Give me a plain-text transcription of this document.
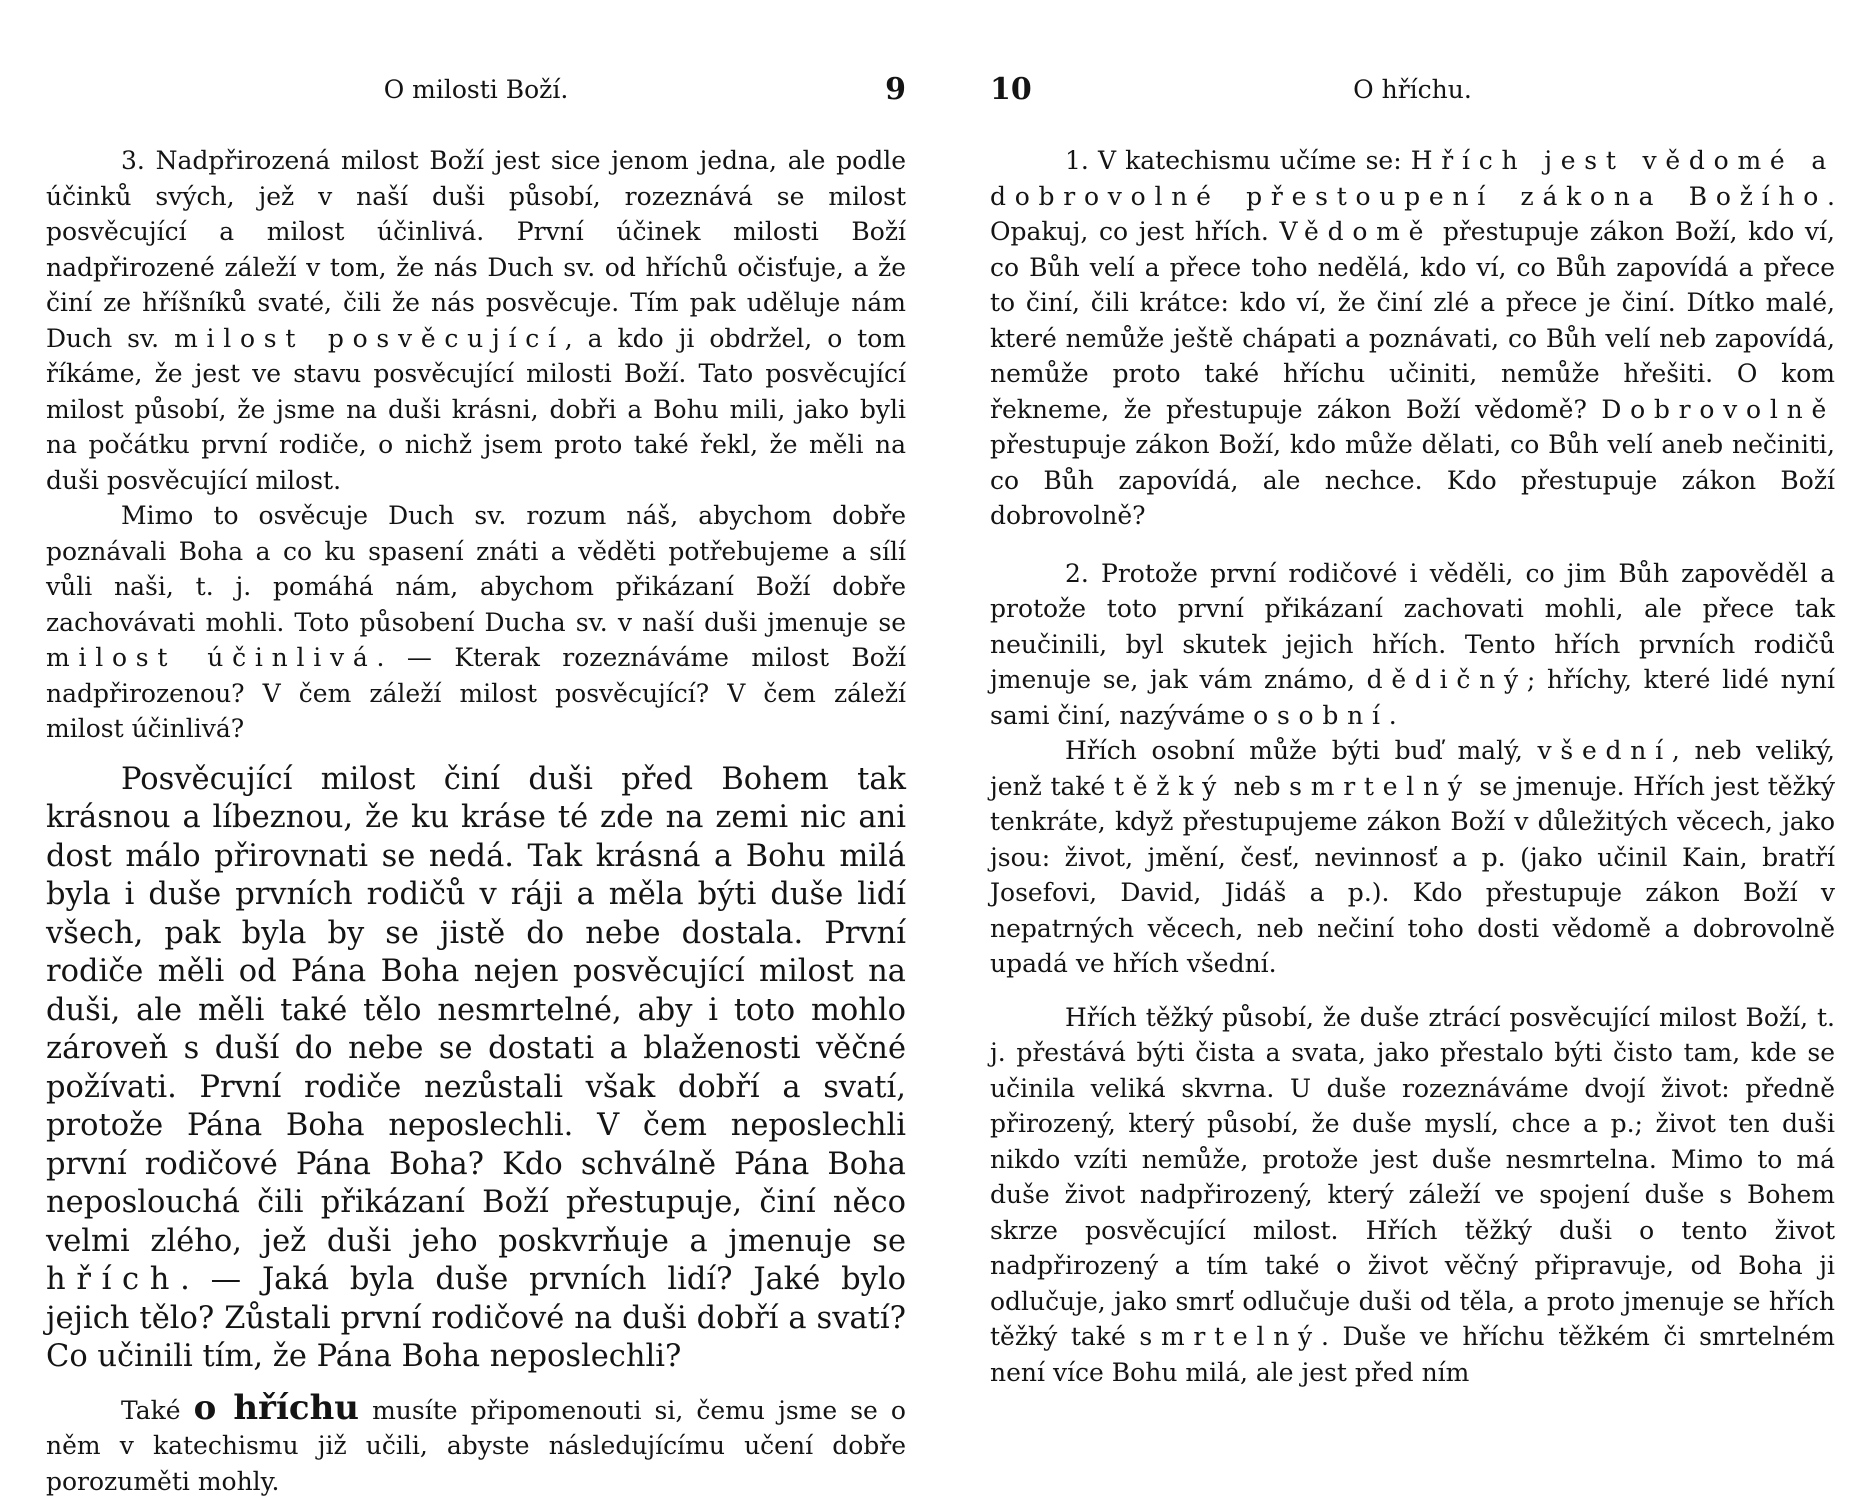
O milosti Boží.	9

3. Nadpřirozená milost Boží jest sice jenom jedna, ale podle účinků svých, jež v naší duši působí, rozeznává se milost posvěcující a milost účinlivá. První účinek milosti Boží nadpřirozené záleží v tom, že nás Duch sv. od hříchů očisťuje, a že činí ze hříšníků svaté, čili že nás posvěcuje. Tím pak uděluje nám Duch sv. milost posvěcující, a kdo ji obdržel, o tom říkáme, že jest ve stavu posvěcující milosti Boží. Tato posvěcující milost působí, že jsme na duši krásni, dobři a Bohu mili, jako byli na počátku první rodiče, o nichž jsem proto také řekl, že měli na duši posvěcující milost.

Mimo to osvěcuje Duch sv. rozum náš, abychom dobře poznávali Boha a co ku spasení znáti a věděti potřebujeme a sílí vůli naši, t. j. pomáhá nám, abychom přikázaní Boží dobře zachovávati mohli. Toto působení Ducha sv. v naší duši jmenuje se milost účinlivá. — Kterak rozeznáváme milost Boží nadpřirozenou? V čem záleží milost posvěcující? V čem záleží milost účinlivá?

Posvěcující milost činí duši před Bohem tak krásnou a líbeznou, že ku kráse té zde na zemi nic ani dost málo přirovnati se nedá. Tak krásná a Bohu milá byla i duše prvních rodičů v ráji a měla býti duše lidí všech, pak byla by se jistě do nebe dostala. První rodiče měli od Pána Boha nejen posvěcující milost na duši, ale měli také tělo nesmrtelné, aby i toto mohlo zároveň s duší do nebe se dostati a blaženosti věčné požívati. První rodiče nezůstali však dobří a svatí, protože Pána Boha neposlechli. V čem neposlechli první rodičové Pána Boha? Kdo schválně Pána Boha neposlouchá čili přikázaní Boží přestupuje, činí něco velmi zlého, jež duši jeho poskvrňuje a jmenuje se hřích. — Jaká byla duše prvních lidí? Jaké bylo jejich tělo? Zůstali první rodičové na duši dobří a svatí? Co učinili tím, že Pána Boha neposlechli?

Také o hříchu musíte připomenouti si, čemu jsme se o něm v katechismu již učili, abyste následujícímu učení dobře porozuměti mohly.

10	O hříchu.

1. V katechismu učíme se: Hřích jest vědomé a dobrovolné přestoupení zákona Božího. Opakuj, co jest hřích. Vědomě přestupuje zákon Boží, kdo ví, co Bůh velí a přece toho nedělá, kdo ví, co Bůh zapovídá a přece to činí, čili krátce: kdo ví, že činí zlé a přece je činí. Dítko malé, které nemůže ještě chápati a poznávati, co Bůh velí neb zapovídá, nemůže proto také hříchu učiniti, nemůže hřešiti. O kom řekneme, že přestupuje zákon Boží vědomě? Dobrovolně přestupuje zákon Boží, kdo může dělati, co Bůh velí aneb nečiniti, co Bůh zapovídá, ale nechce. Kdo přestupuje zákon Boží dobrovolně?

2. Protože první rodičové i věděli, co jim Bůh zapověděl a protože toto první přikázaní zachovati mohli, ale přece tak neučinili, byl skutek jejich hřích. Tento hřích prvních rodičů jmenuje se, jak vám známo, dědičný; hříchy, které lidé nyní sami činí, nazýváme osobní.

Hřích osobní může býti buď malý, všední, neb veliký, jenž také těžký neb smrtelný se jmenuje. Hřích jest těžký tenkráte, když přestupujeme zákon Boží v důležitých věcech, jako jsou: život, jmění, česť, nevinnosť a p. (jako učinil Kain, bratří Josefovi, David, Jidáš a p.). Kdo přestupuje zákon Boží v nepatrných věcech, neb nečiní toho dosti vědomě a dobrovolně upadá ve hřích všední.

Hřích těžký působí, že duše ztrácí posvěcující milost Boží, t. j. přestává býti čista a svata, jako přestalo býti čisto tam, kde se učinila veliká skvrna. U duše rozeznáváme dvojí život: předně přirozený, který působí, že duše myslí, chce a p.; život ten duši nikdo vzíti nemůže, protože jest duše nesmrtelna. Mimo to má duše život nadpřirozený, který záleží ve spojení duše s Bohem skrze posvěcující milost. Hřích těžký duši o tento život nadpřirozený a tím také o život věčný připravuje, od Boha ji odlučuje, jako smrť odlučuje duši od těla, a proto jmenuje se hřích těžký také smrtelný. Duše ve hříchu těžkém či smrtelném není více Bohu milá, ale jest před ním
